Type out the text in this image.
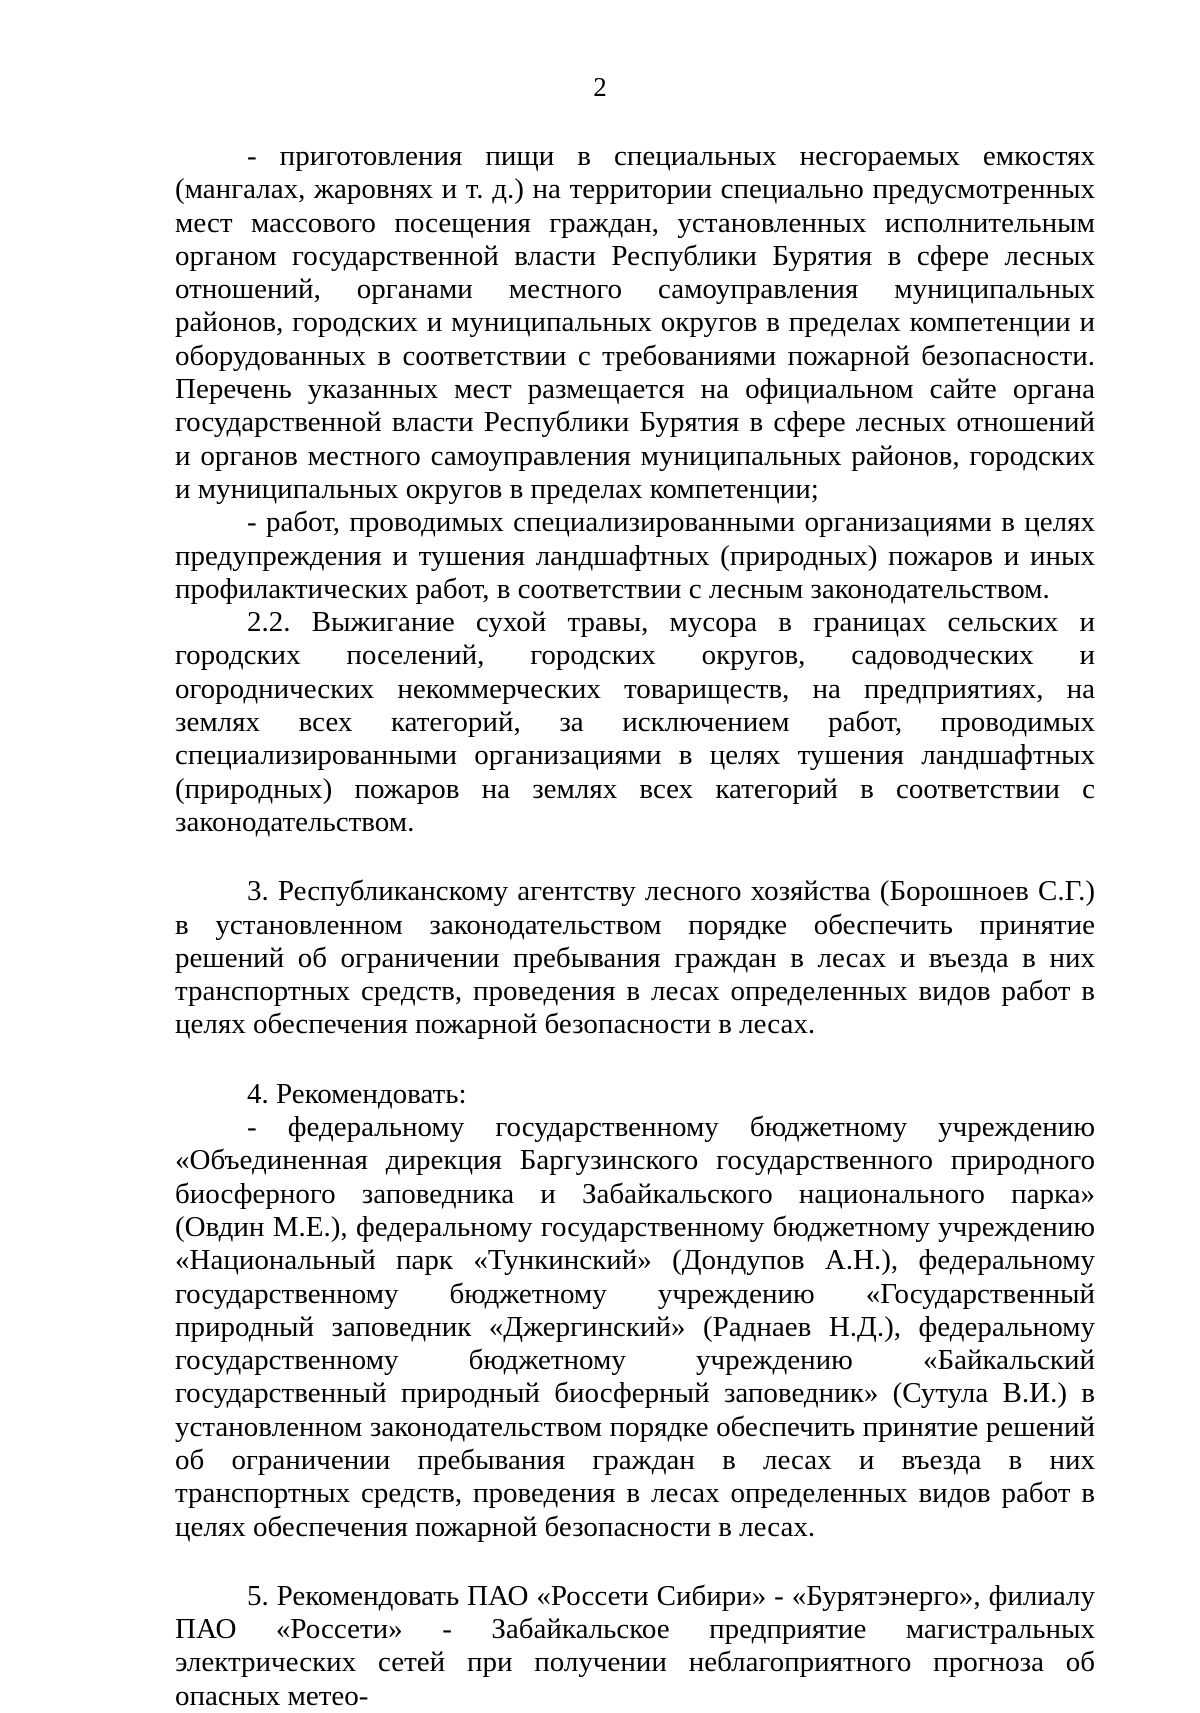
2

- приготовления пищи в специальных несгораемых емкостях (мангалах, жаровнях и т. д.) на территории специально предусмотренных мест массового посещения граждан, установленных исполнительным органом государственной власти Республики Бурятия в сфере лесных отношений, органами местного самоуправления муниципальных районов, городских и муниципальных округов в пределах компетенции и оборудованных в соответствии с требованиями пожарной безопасности. Перечень указанных мест размещается на официальном сайте органа государственной власти Республики Бурятия в сфере лесных отношений и органов местного самоуправления муниципальных районов, городских и муниципальных округов в пределах компетенции;

- работ, проводимых специализированными организациями в целях предупреждения и тушения ландшафтных (природных) пожаров и иных профилактических работ, в соответствии с лесным законодательством.

2.2. Выжигание сухой травы, мусора в границах сельских и городских поселений, городских округов, садоводческих и огороднических некоммерческих товариществ, на предприятиях, на землях всех категорий, за исключением работ, проводимых специализированными организациями в целях тушения ландшафтных (природных) пожаров на землях всех категорий в соответствии с законодательством.

3. Республиканскому агентству лесного хозяйства (Борошноев С.Г.) в установленном законодательством порядке обеспечить принятие решений об ограничении пребывания граждан в лесах и въезда в них транспортных средств, проведения в лесах определенных видов работ в целях обеспечения пожарной безопасности в лесах.

4. Рекомендовать:

- федеральному государственному бюджетному учреждению «Объединенная дирекция Баргузинского государственного природного биосферного заповедника и Забайкальского национального парка» (Овдин М.Е.), федеральному государственному бюджетному учреждению «Национальный парк «Тункинский» (Дондупов А.Н.), федеральному государственному бюджетному учреждению «Государственный природный заповедник «Джергинский» (Раднаев Н.Д.), федеральному государственному бюджетному учреждению «Байкальский государственный природный биосферный заповедник» (Сутула В.И.) в установленном законодательством порядке обеспечить принятие решений об ограничении пребывания граждан в лесах и въезда в них транспортных средств, проведения в лесах определенных видов работ в целях обеспечения пожарной безопасности в лесах.

5. Рекомендовать ПАО «Россети Сибири» - «Бурятэнерго», филиалу ПАО «Россети» - Забайкальское предприятие магистральных электрических сетей при получении неблагоприятного прогноза об опасных метео-
